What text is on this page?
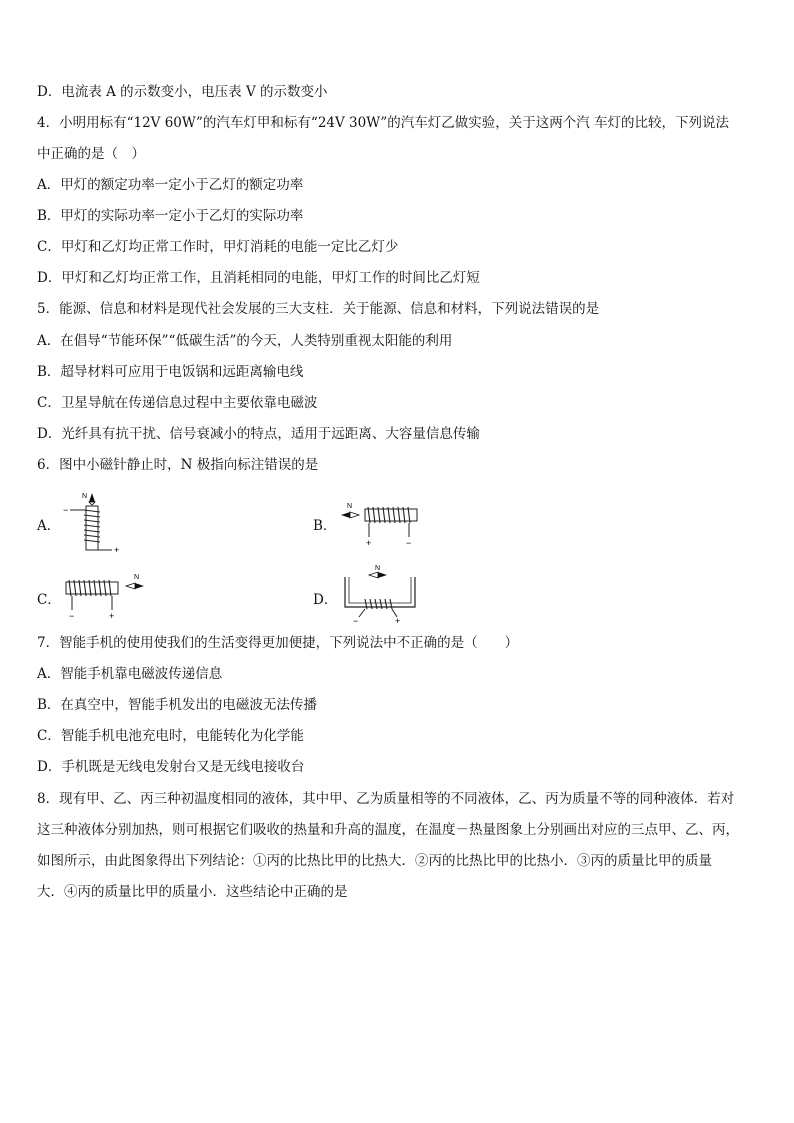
D．电流表 A 的示数变小，电压表 V 的示数变小
4．小明用标有“12V 60W”的汽车灯甲和标有“24V 30W”的汽车灯乙做实验，关于这两个汽 车灯的比较，下列说法
中正确的是（　）
A．甲灯的额定功率一定小于乙灯的额定功率
B．甲灯的实际功率一定小于乙灯的实际功率
C．甲灯和乙灯均正常工作时，甲灯消耗的电能一定比乙灯少
D．甲灯和乙灯均正常工作，且消耗相同的电能，甲灯工作的时间比乙灯短
5．能源、信息和材料是现代社会发展的三大支柱．关于能源、信息和材料，下列说法错误的是
A．在倡导“节能环保”“低碳生活”的今天，人类特别重视太阳能的利用
B．超导材料可应用于电饭锅和远距离输电线
C．卫星导航在传递信息过程中主要依靠电磁波
D．光纤具有抗干扰、信号衰减小的特点，适用于远距离、大容量信息传输
6．图中小磁针静止时，N 极指向标注错误的是
A．
N
−
+
B．
N
+	−
C．
N
−	+
D．
N
−	+
7．智能手机的使用使我们的生活变得更加便捷，下列说法中不正确的是（　　）
A．智能手机靠电磁波传递信息
B．在真空中，智能手机发出的电磁波无法传播
C．智能手机电池充电时，电能转化为化学能
D．手机既是无线电发射台又是无线电接收台
8．现有甲、乙、丙三种初温度相同的液体，其中甲、乙为质量相等的不同液体，乙、丙为质量不等的同种液体．若对
这三种液体分别加热，则可根据它们吸收的热量和升高的温度，在温度－热量图象上分别画出对应的三点甲、乙、丙，
如图所示，由此图象得出下列结论：①丙的比热比甲的比热大．②丙的比热比甲的比热小．③丙的质量比甲的质量
大．④丙的质量比甲的质量小．这些结论中正确的是
